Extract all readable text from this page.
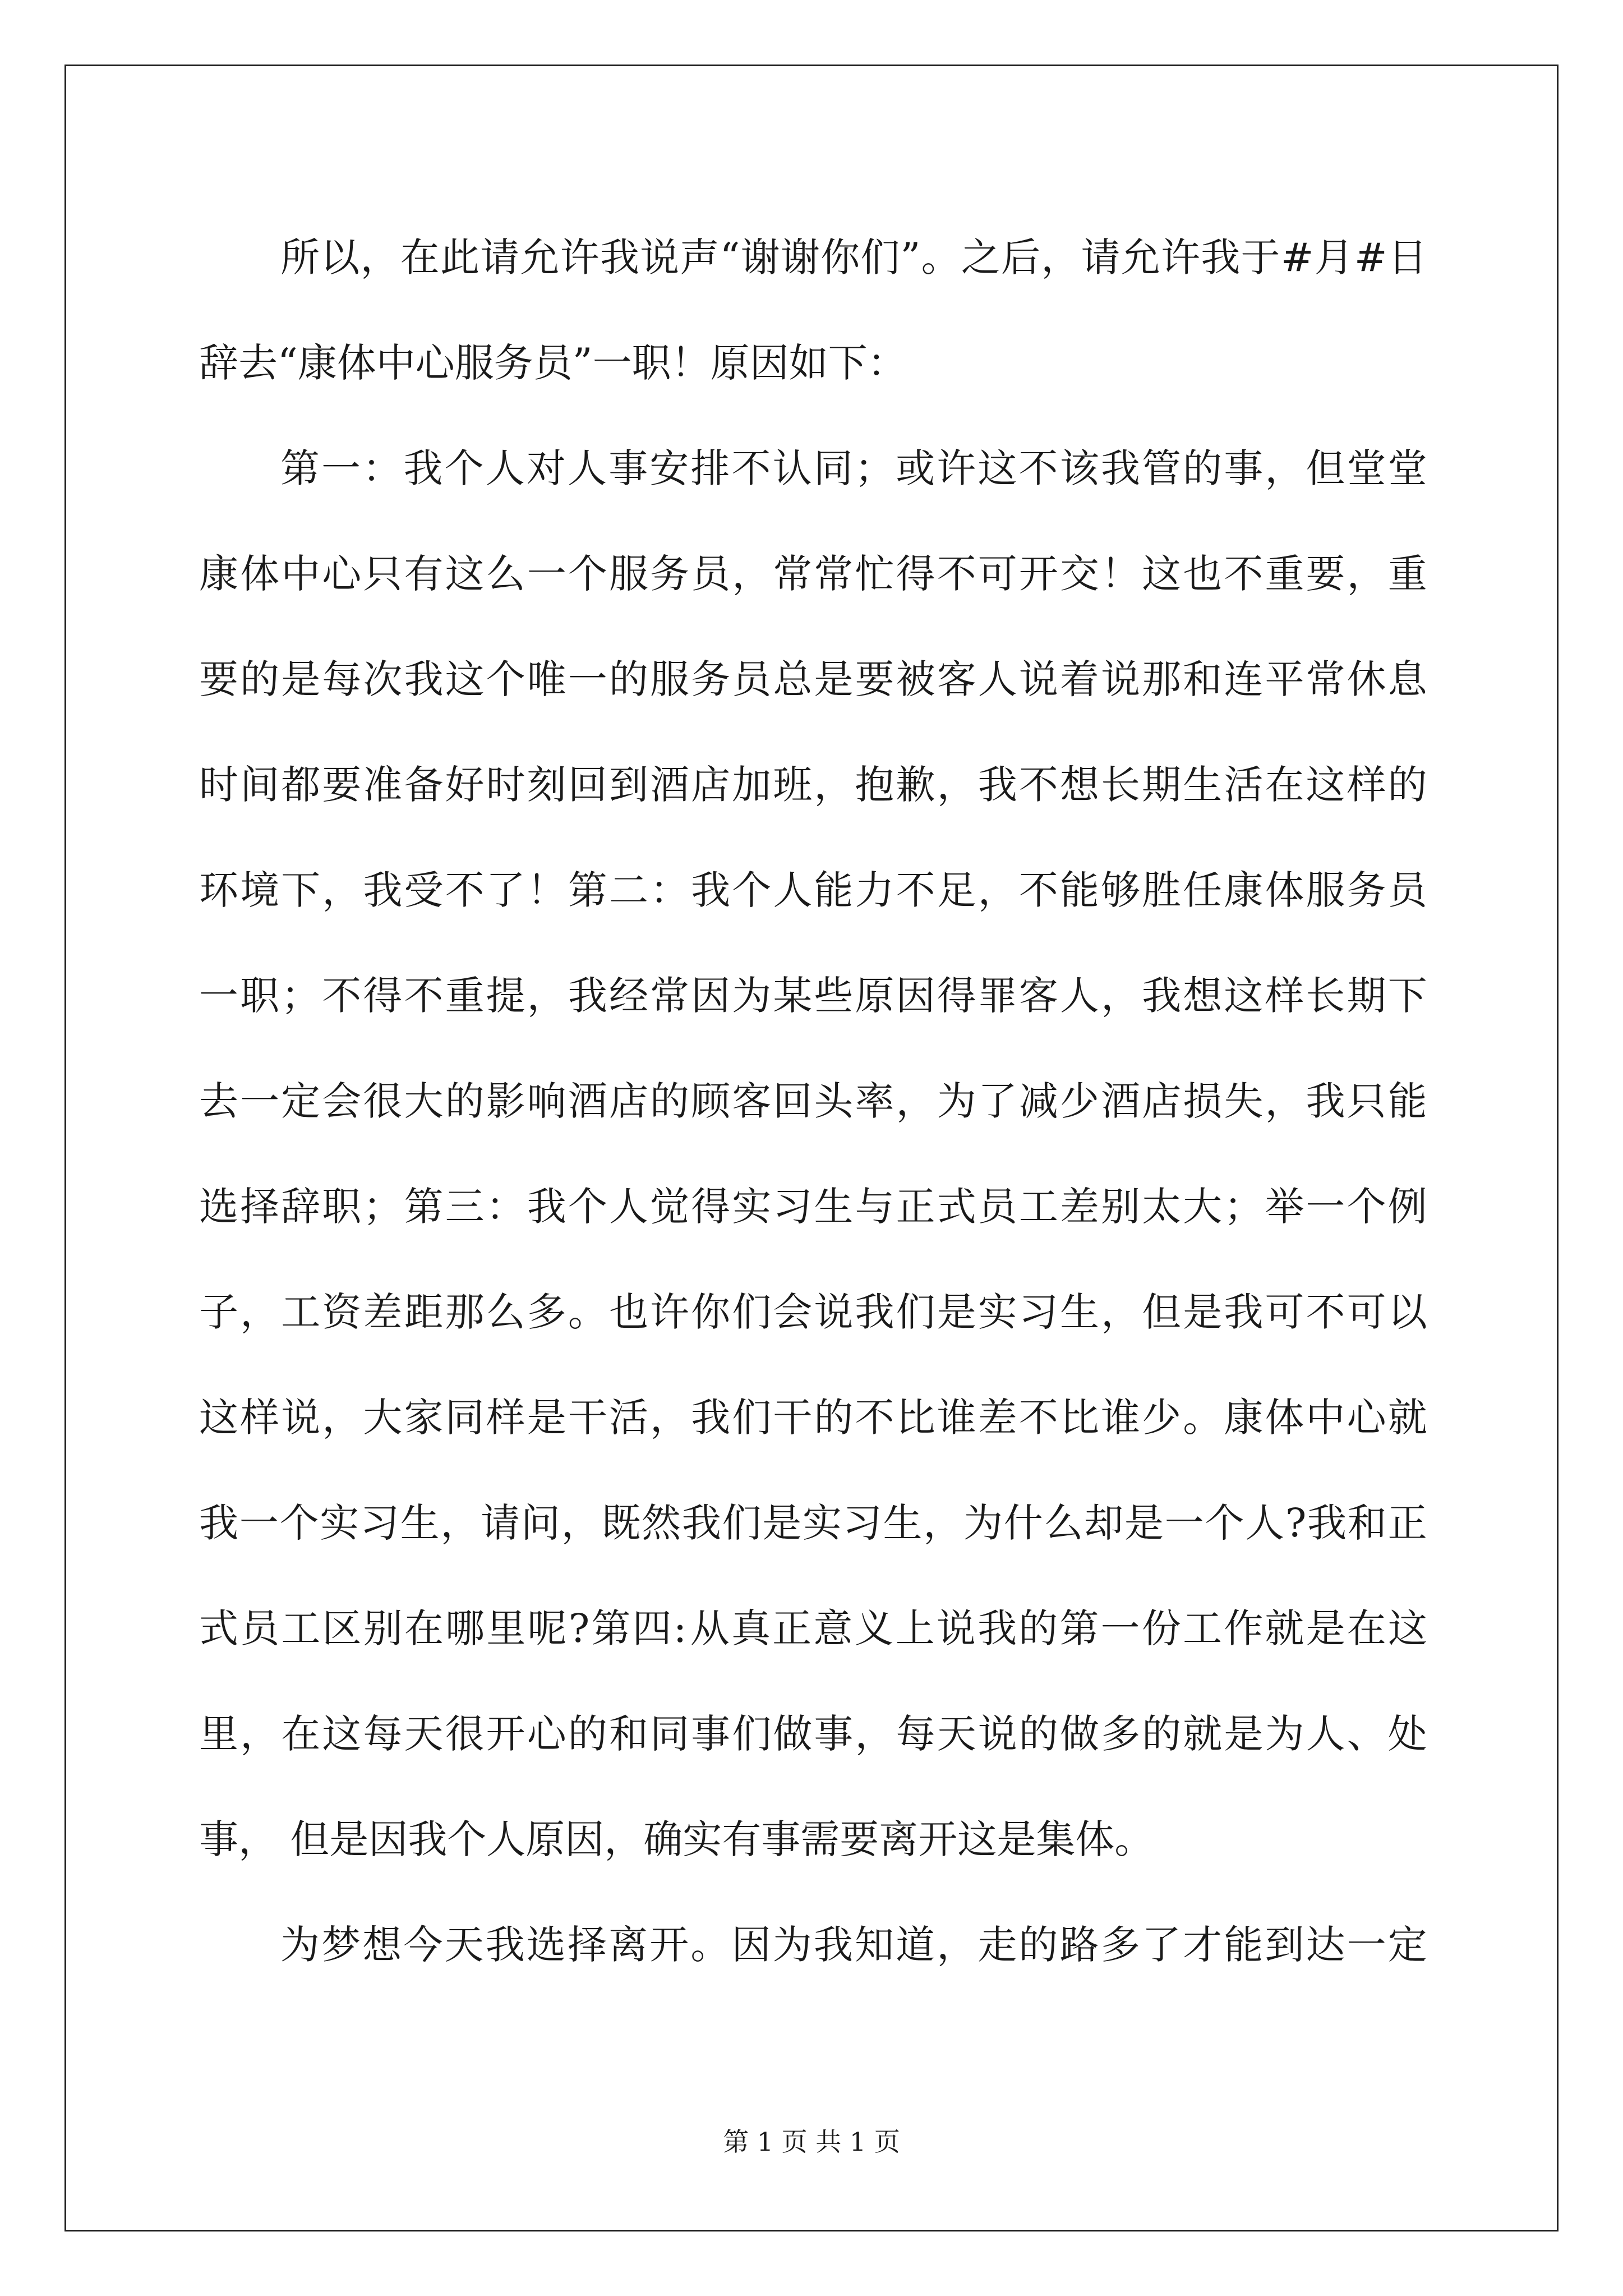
所 以 ， 在 此 请 允 许 我 说 声 “ 谢 谢 你 们 ” 。 之 后 ， 请 允 许 我 于 # 月 # 日
辞去“康体中心服务员”一职！原因如下：
第 一 ： 我 个 人 对 人 事 安 排 不 认 同 ； 或 许 这 不 该 我 管 的 事 ， 但 堂 堂
康 体 中 心 只 有 这 么 一 个 服 务 员 ， 常 常 忙 得 不 可 开 交 ！ 这 也 不 重 要 ， 重
要 的 是 每 次 我 这 个 唯 一 的 服 务 员 总 是 要 被 客 人 说 着 说 那 和 连 平 常 休 息
时 间 都 要 准 备 好 时 刻 回 到 酒 店 加 班 ， 抱 歉 ， 我 不 想 长 期 生 活 在 这 样 的
环 境 下 ， 我 受 不 了 ！ 第 二 ： 我 个 人 能 力 不 足 ， 不 能 够 胜 任 康 体 服 务 员
一 职 ； 不 得 不 重 提 ， 我 经 常 因 为 某 些 原 因 得 罪 客 人 ， 我 想 这 样 长 期 下
去 一 定 会 很 大 的 影 响 酒 店 的 顾 客 回 头 率 ， 为 了 减 少 酒 店 损 失 ， 我 只 能
选 择 辞 职 ； 第 三 ： 我 个 人 觉 得 实 习 生 与 正 式 员 工 差 别 太 大 ； 举 一 个 例
子 ， 工 资 差 距 那 么 多 。 也 许 你 们 会 说 我 们 是 实 习 生 ， 但 是 我 可 不 可 以
这 样 说 ， 大 家 同 样 是 干 活 ， 我 们 干 的 不 比 谁 差 不 比 谁 少 。 康 体 中 心 就
我 一 个 实 习 生 ， 请 问 ， 既 然 我 们 是 实 习 生 ， 为 什 么 却 是 一 个 人 ? 我 和 正
式 员 工 区 别 在 哪 里 呢 ? 第 四 : 从 真 正 意 义 上 说 我 的 第 一 份 工 作 就 是 在 这
里 ， 在 这 每 天 很 开 心 的 和 同 事 们 做 事 ， 每 天 说 的 做 多 的 就 是 为 人 、 处
事， 但是因我个人原因，确实有事需要离开这是集体。
为 梦 想 今 天 我 选 择 离 开 。 因 为 我 知 道 ， 走 的 路 多 了 才 能 到 达 一 定
第 1 页 共 1 页
